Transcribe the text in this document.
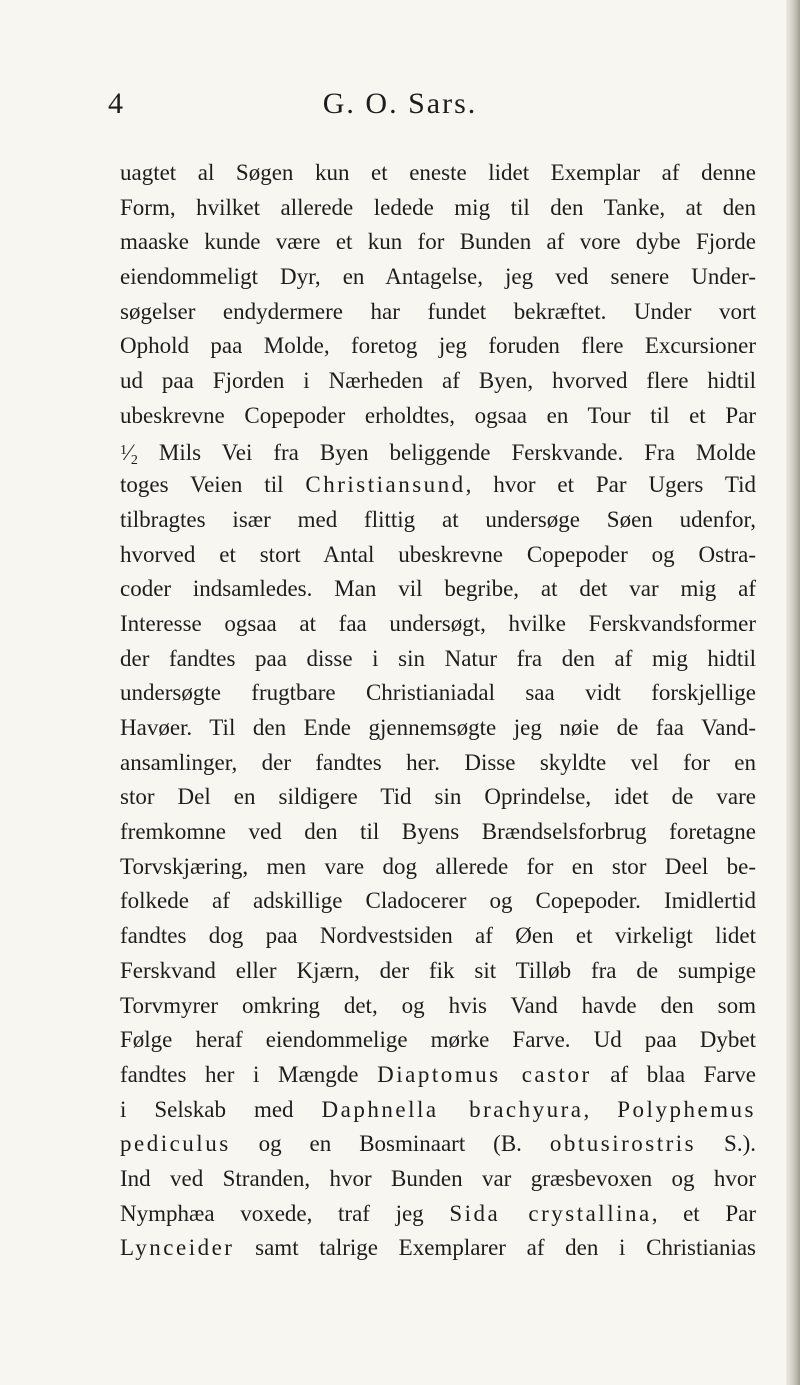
4	G. O. Sars.
uagtet al Søgen kun et eneste lidet Exemplar af denne
Form, hvilket allerede ledede mig til den Tanke, at den
maaske kunde være et kun for Bunden af vore dybe Fjorde
eiendommeligt Dyr, en Antagelse, jeg ved senere Under-
søgelser endydermere har fundet bekræftet. Under vort
Ophold paa Molde, foretog jeg foruden flere Excursioner
ud paa Fjorden i Nærheden af Byen, hvorved flere hidtil
ubeskrevne Copepoder erholdtes, ogsaa en Tour til et Par
$^1⁄_2$ Mils Vei fra Byen beliggende Ferskvande. Fra Molde
toges Veien til Christiansund, hvor et Par Ugers Tid
tilbragtes især med flittig at undersøge Søen udenfor,
hvorved et stort Antal ubeskrevne Copepoder og Ostra-
coder indsamledes. Man vil begribe, at det var mig af
Interesse ogsaa at faa undersøgt, hvilke Ferskvandsformer
der fandtes paa disse i sin Natur fra den af mig hidtil
undersøgte frugtbare Christianiadal saa vidt forskjellige
Havøer. Til den Ende gjennemsøgte jeg nøie de faa Vand-
ansamlinger, der fandtes her. Disse skyldte vel for en
stor Del en sildigere Tid sin Oprindelse, idet de vare
fremkomne ved den til Byens Brændselsforbrug foretagne
Torvskjæring, men vare dog allerede for en stor Deel be-
folkede af adskillige Cladocerer og Copepoder. Imidlertid
fandtes dog paa Nordvestsiden af Øen et virkeligt lidet
Ferskvand eller Kjærn, der fik sit Tilløb fra de sumpige
Torvmyrer omkring det, og hvis Vand havde den som
Følge heraf eiendommelige mørke Farve. Ud paa Dybet
fandtes her i Mængde Diaptomus castor af blaa Farve
i Selskab med Daphnella brachyura, Polyphemus
pediculus og en Bosminaart (B. obtusirostris S.).
Ind ved Stranden, hvor Bunden var græsbevoxen og hvor
Nymphæa voxede, traf jeg Sida crystallina, et Par
Lynceider samt talrige Exemplarer af den i Christianias
